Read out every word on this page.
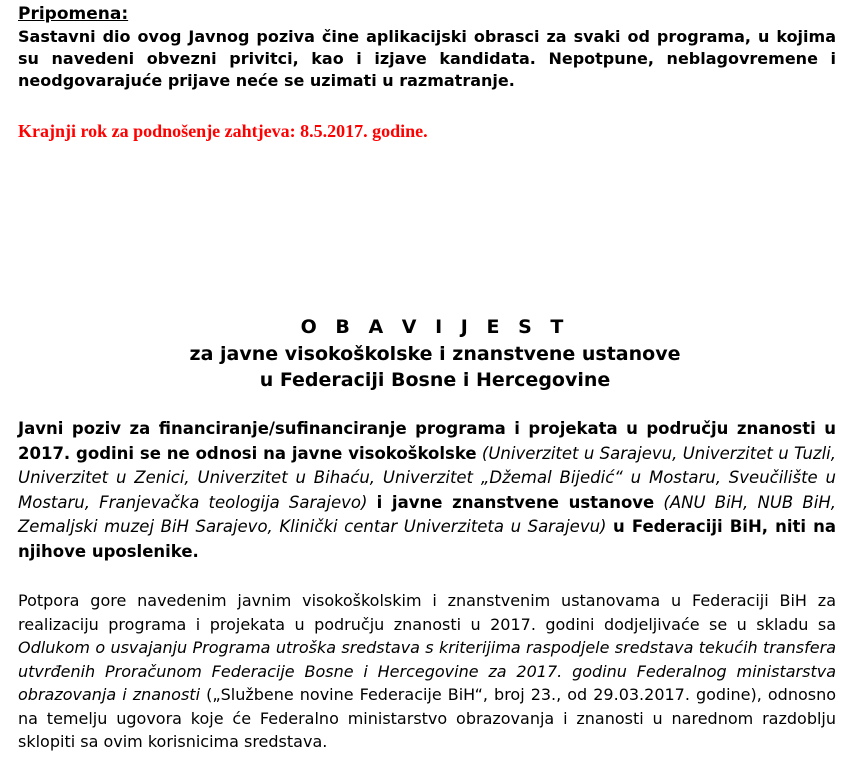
Pripomena:
Sastavni dio ovog Javnog poziva čine aplikacijski obrasci za svaki od programa, u kojima su navedeni obvezni privitci, kao i izjave kandidata. Nepotpune, neblagovremene i neodgovarajuće prijave neće se uzimati u razmatranje.
Krajnji rok za podnošenje zahtjeva: 8.5.2017. godine.
O B A V I J E S T
za javne visokoškolske i znanstvene ustanove
u Federaciji Bosne i Hercegovine
Javni poziv za financiranje/sufinanciranje programa i projekata u području znanosti u 2017. godini se ne odnosi na javne visokoškolske (Univerzitet u Sarajevu, Univerzitet u Tuzli, Univerzitet u Zenici, Univerzitet u Bihaću, Univerzitet „Džemal Bijedić“ u Mostaru, Sveučilište u Mostaru, Franjevačka teologija Sarajevo) i javne znanstvene ustanove (ANU BiH, NUB BiH, Zemaljski muzej BiH Sarajevo, Klinički centar Univerziteta u Sarajevu) u Federaciji BiH, niti na njihove uposlenike.
Potpora gore navedenim javnim visokoškolskim i znanstvenim ustanovama u Federaciji BiH za realizaciju programa i projekata u području znanosti u 2017. godini dodjeljivaće se u skladu sa Odlukom o usvajanju Programa utroška sredstava s kriterijima raspodjele sredstava tekućih transfera utvrđenih Proračunom Federacije Bosne i Hercegovine za 2017. godinu Federalnog ministarstva obrazovanja i znanosti („Službene novine Federacije BiH“, broj 23., od 29.03.2017. godine), odnosno na temelju ugovora koje će Federalno ministarstvo obrazovanja i znanosti u narednom razdoblju sklopiti sa ovim korisnicima sredstava.
